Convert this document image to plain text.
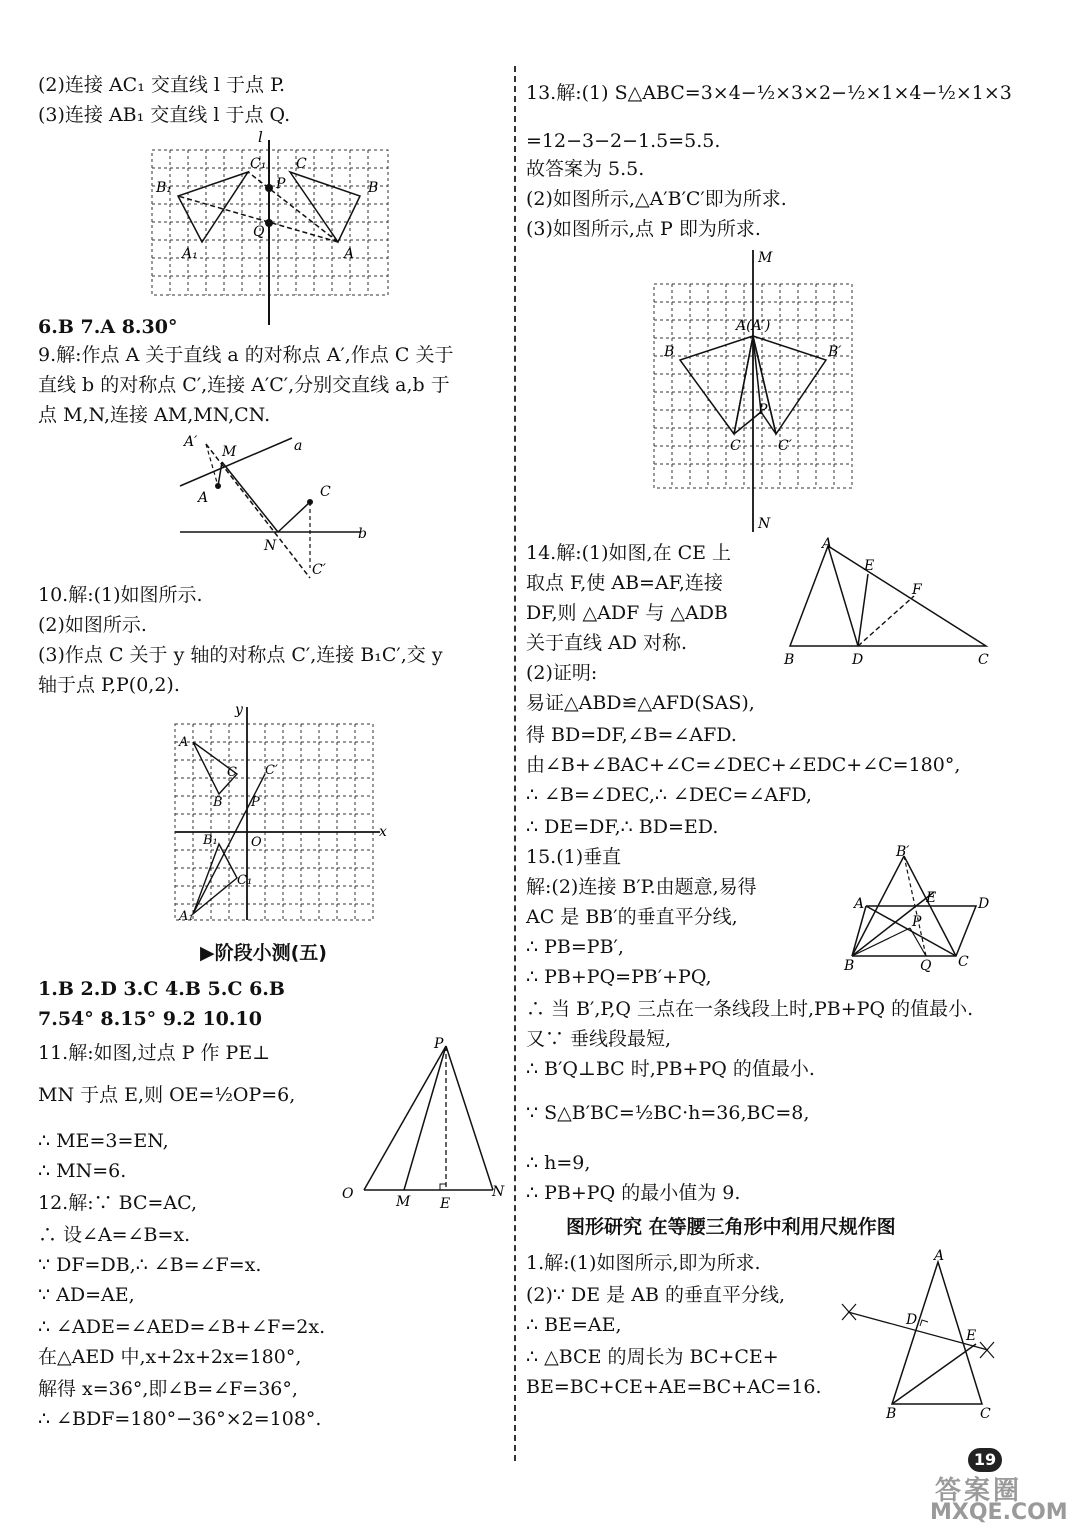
(2)连接 AC₁ 交直线 l 于点 P.
(3)连接 AB₁ 交直线 l 于点 Q.
l
C₁ C
P
B₁	B
Q
A₁	A
6.B 7.A 8.30°
9.解:作点 A 关于直线 a 的对称点 A′,作点 C 关于
直线 b 的对称点 C′,连接 A′C′,分别交直线 a,b 于
点 M,N,连接 AM,MN,CN.
A′
M	a
A	C
b
N
C′
10.解:(1)如图所示.
(2)如图所示.
(3)作点 C 关于 y 轴的对称点 C′,连接 B₁C′,交 y
轴于点 P,P(0,2).
y
A
C C′
B P
B₁	O
x
C₁
A₁
▶阶段小测(五)
1.B 2.D 3.C 4.B 5.C 6.B
7.54° 8.15° 9.2 10.10
11.解:如图,过点 P 作 PE⊥
MN 于点 E,则 OE=½OP=6,
∴ ME=3=EN,
∴ MN=6.
P
O	M E
N
12.解:∵ BC=AC,
∴ 设∠A=∠B=x.
∵ DF=DB,∴ ∠B=∠F=x.
∵ AD=AE,
∴ ∠ADE=∠AED=∠B+∠F=2x.
在△AED 中,x+2x+2x=180°,
解得 x=36°,即∠B=∠F=36°,
∴ ∠BDF=180°−36°×2=108°.
13.解:(1) S△ABC=3×4−½×3×2−½×1×4−½×1×3
=12−3−2−1.5=5.5.
故答案为 5.5.
(2)如图所示,△A′B′C′即为所求.
(3)如图所示,点 P 即为所求.
M
A(A′)
B	B′
P
C	C′
N
14.解:(1)如图,在 CE 上
取点 F,使 AB=AF,连接
DF,则 △ADF 与 △ADB
关于直线 AD 对称.
(2)证明:
A
E
F
B	D	C
易证△ABD≌△AFD(SAS),
得 BD=DF,∠B=∠AFD.
由∠B+∠BAC+∠C=∠DEC+∠EDC+∠C=180°,
∴ ∠B=∠DEC,∴ ∠DEC=∠AFD,
∴ DE=DF,∴ BD=ED.
15.(1)垂直
解:(2)连接 B′P.由题意,易得
AC 是 BB′的垂直平分线,
∴ PB=PB′,
∴ PB+PQ=PB′+PQ,
B′
A	E	D
P
B	Q C
∴ 当 B′,P,Q 三点在一条线段上时,PB+PQ 的值最小.
又∵ 垂线段最短,
∴ B′Q⊥BC 时,PB+PQ 的值最小.
∵ S△B′BC=½BC·h=36,BC=8,
∴ h=9,
∴ PB+PQ 的最小值为 9.
图形研究 在等腰三角形中利用尺规作图
1.解:(1)如图所示,即为所求.
(2)∵ DE 是 AB 的垂直平分线,
∴ BE=AE,
∴ △BCE 的周长为 BC+CE+
BE=BC+CE+AE=BC+AC=16.
A
D
E
B	C
19
答案圈
MXQE.COM
